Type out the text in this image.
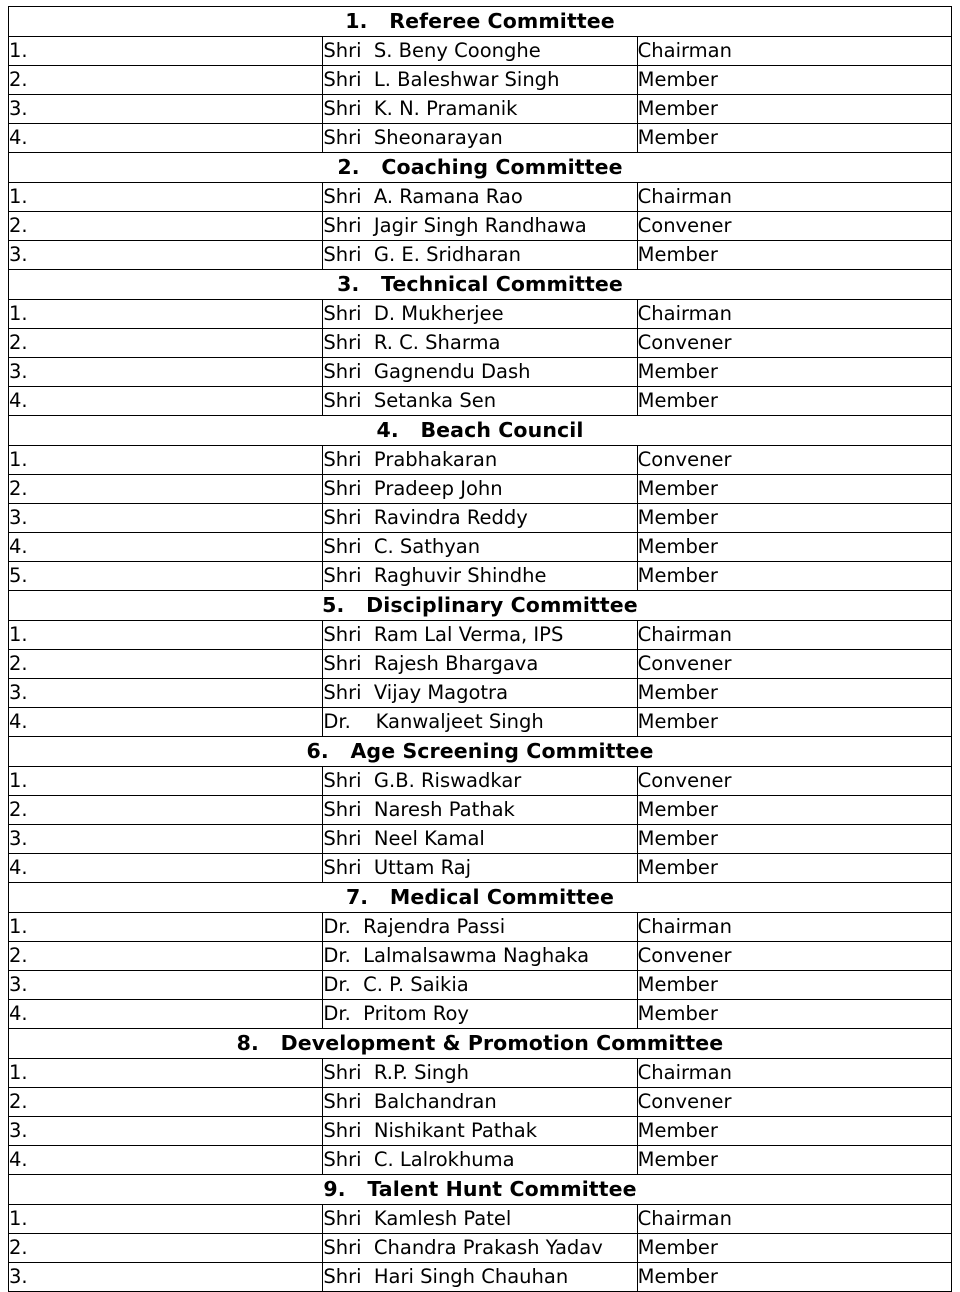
1.   Referee Committee		
1.	Shri  S. Beny Coonghe	Chairman
2.	Shri  L. Baleshwar Singh	Member
3.	Shri  K. N. Pramanik	Member
4.	Shri  Sheonarayan	Member
2.   Coaching Committee		
1.	Shri  A. Ramana Rao	Chairman
2.	Shri  Jagir Singh Randhawa	Convener
3.	Shri  G. E. Sridharan	Member
3.   Technical Committee		
1.	Shri  D. Mukherjee	Chairman
2.	Shri  R. C. Sharma	Convener
3.	Shri  Gagnendu Dash	Member
4.	Shri  Setanka Sen	Member
4.   Beach Council		
1.	Shri  Prabhakaran	Convener
2.	Shri  Pradeep John	Member
3.	Shri  Ravindra Reddy	Member
4.	Shri  C. Sathyan	Member
5.	Shri  Raghuvir Shindhe	Member
5.   Disciplinary Committee		
1.	Shri  Ram Lal Verma, IPS	Chairman
2.	Shri  Rajesh Bhargava	Convener
3.	Shri  Vijay Magotra	Member
4.	Dr.    Kanwaljeet Singh	Member
6.   Age Screening Committee		
1.	Shri  G.B. Riswadkar	Convener
2.	Shri  Naresh Pathak	Member
3.	Shri  Neel Kamal	Member
4.	Shri  Uttam Raj	Member
7.   Medical Committee		
1.	Dr.  Rajendra Passi	Chairman
2.	Dr.  Lalmalsawma Naghaka	Convener
3.	Dr.  C. P. Saikia	Member
4.	Dr.  Pritom Roy	Member
8.   Development & Promotion Committee		
1.	Shri  R.P. Singh	Chairman
2.	Shri  Balchandran	Convener
3.	Shri  Nishikant Pathak	Member
4.	Shri  C. Lalrokhuma	Member
9.   Talent Hunt Committee		
1.	Shri  Kamlesh Patel	Chairman
2.	Shri  Chandra Prakash Yadav	Member
3.	Shri  Hari Singh Chauhan	Member
